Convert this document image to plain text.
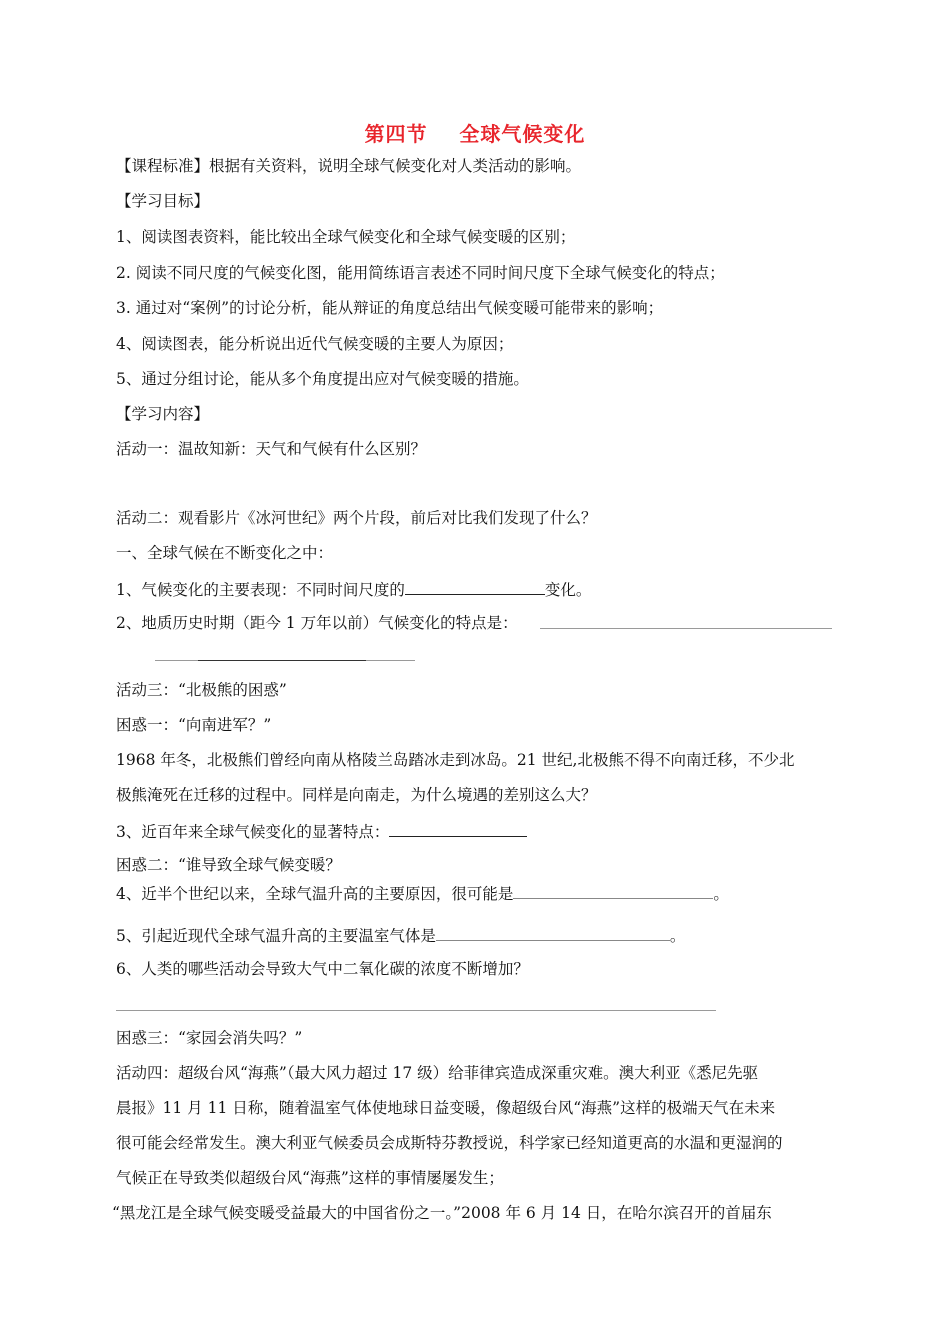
第四节    全球气候变化
【课程标准】根据有关资料，说明全球气候变化对人类活动的影响。
【学习目标】
1、阅读图表资料，能比较出全球气候变化和全球气候变暖的区别；
2. 阅读不同尺度的气候变化图，能用简练语言表述不同时间尺度下全球气候变化的特点；
3. 通过对“案例”的讨论分析，能从辩证的角度总结出气候变暖可能带来的影响；
4、阅读图表，能分析说出近代气候变暖的主要人为原因；
5、通过分组讨论，能从多个角度提出应对气候变暖的措施。
【学习内容】
活动一：温故知新：天气和气候有什么区别？
活动二：观看影片《冰河世纪》两个片段，前后对比我们发现了什么？
一、全球气候在不断变化之中：
1、气候变化的主要表现：不同时间尺度的	变化。
2、地质历史时期（距今 1 万年以前）气候变化的特点是：
活动三：“北极熊的困惑”
困惑一：“向南进军？”
1968 年冬，北极熊们曾经向南从格陵兰岛踏冰走到冰岛。21 世纪,北极熊不得不向南迁移，不少北
极熊淹死在迁移的过程中。同样是向南走，为什么境遇的差别这么大？
3、近百年来全球气候变化的显著特点：
困惑二：“谁导致全球气候变暖？
4、近半个世纪以来，全球气温升高的主要原因，很可能是	。
5、引起近现代全球气温升高的主要温室气体是	。
6、人类的哪些活动会导致大气中二氧化碳的浓度不断增加？
困惑三：“家园会消失吗？”
活动四：超级台风“海燕”（最大风力超过 17 级）给菲律宾造成深重灾难。澳大利亚《悉尼先驱
晨报》11 月 11 日称，随着温室气体使地球日益变暖，像超级台风“海燕”这样的极端天气在未来
很可能会经常发生。澳大利亚气候委员会成斯特芬教授说，科学家已经知道更高的水温和更湿润的
气候正在导致类似超级台风“海燕”这样的事情屡屡发生；
“黑龙江是全球气候变暖受益最大的中国省份之一。”2008 年 6 月 14 日，在哈尔滨召开的首届东
